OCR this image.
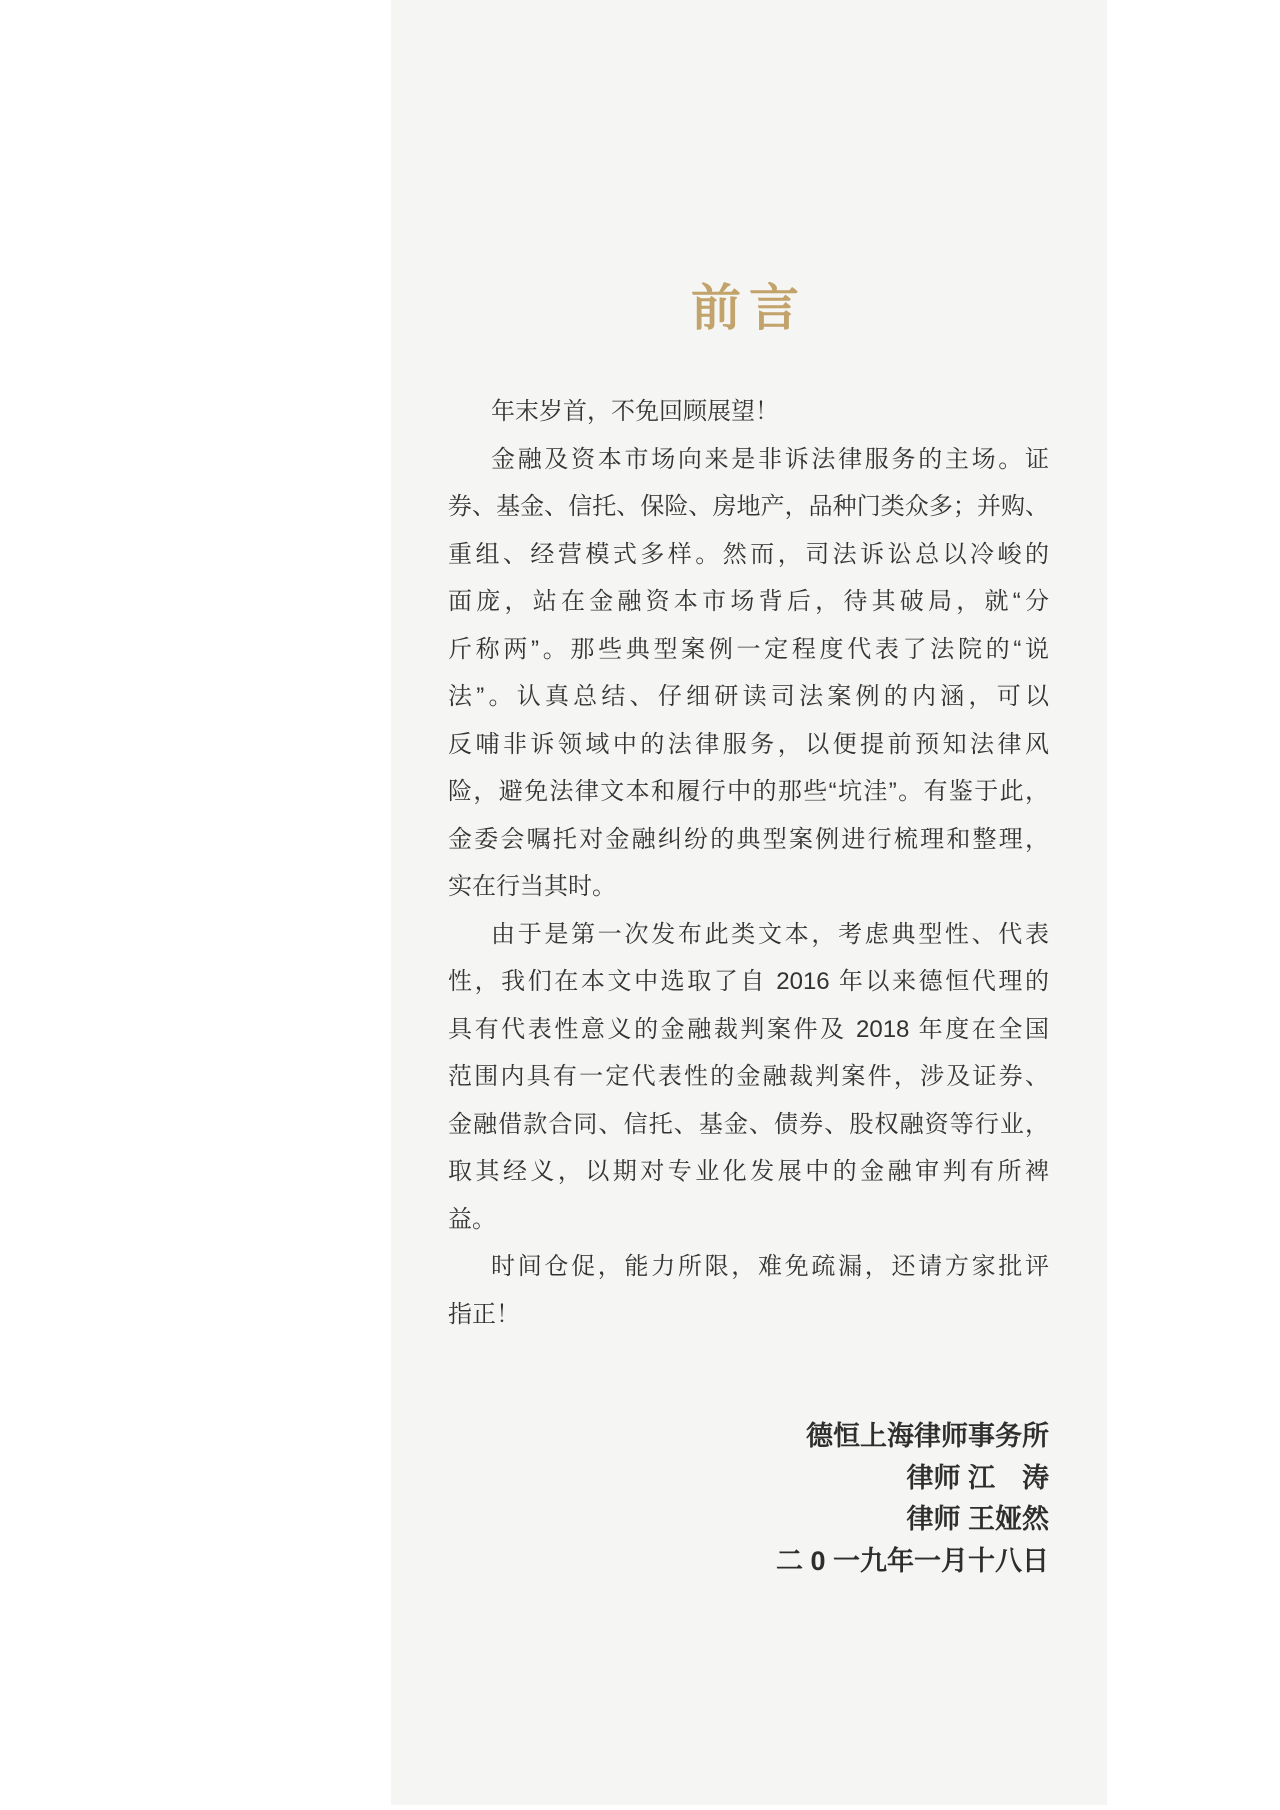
前言
年末岁首，不免回顾展望！
金融及资本市场向来是非诉法律服务的主场。证
券、基金、信托、保险、房地产，品种门类众多；并购、
重组、经营模式多样。然而，司法诉讼总以冷峻的
面庞，站在金融资本市场背后，待其破局，就“分
斤称两”。那些典型案例一定程度代表了法院的“说
法”。认真总结、仔细研读司法案例的内涵，可以
反哺非诉领域中的法律服务，以便提前预知法律风
险，避免法律文本和履行中的那些“坑洼”。有鉴于此，
金委会嘱托对金融纠纷的典型案例进行梳理和整理，
实在行当其时。
由于是第一次发布此类文本，考虑典型性、代表
性，我们在本文中选取了自 2016 年以来德恒代理的
具有代表性意义的金融裁判案件及 2018 年度在全国
范围内具有一定代表性的金融裁判案件，涉及证券、
金融借款合同、信托、基金、债券、股权融资等行业，
取其经义，以期对专业化发展中的金融审判有所裨
益。
时间仓促，能力所限，难免疏漏，还请方家批评
指正！
德恒上海律师事务所
律师 江　涛
律师 王娅然
二 0 一九年一月十八日
